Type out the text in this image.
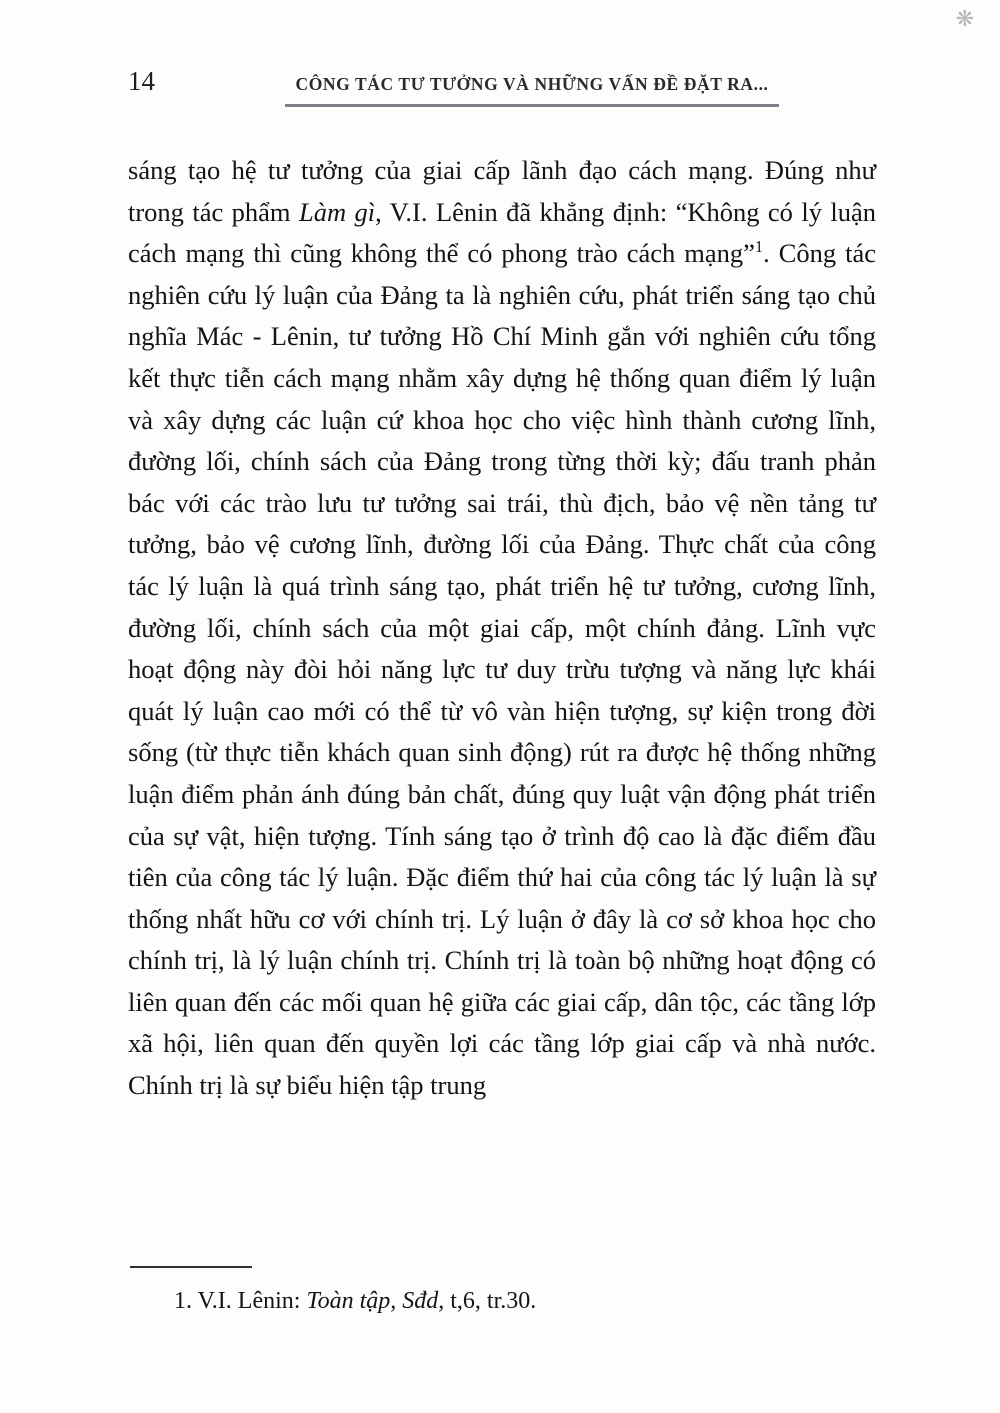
❋
14	CÔNG TÁC TƯ TƯỞNG VÀ NHỮNG VẤN ĐỀ ĐẶT RA...
sáng tạo hệ tư tưởng của giai cấp lãnh đạo cách mạng. Đúng như trong tác phẩm Làm gì, V.I. Lênin đã khẳng định: “Không có lý luận cách mạng thì cũng không thể có phong trào cách mạng”$^1$. Công tác nghiên cứu lý luận của Đảng ta là nghiên cứu, phát triển sáng tạo chủ nghĩa Mác - Lênin, tư tưởng Hồ Chí Minh gắn với nghiên cứu tổng kết thực tiễn cách mạng nhằm xây dựng hệ thống quan điểm lý luận và xây dựng các luận cứ khoa học cho việc hình thành cương lĩnh, đường lối, chính sách của Đảng trong từng thời kỳ; đấu tranh phản bác với các trào lưu tư tưởng sai trái, thù địch, bảo vệ nền tảng tư tưởng, bảo vệ cương lĩnh, đường lối của Đảng. Thực chất của công tác lý luận là quá trình sáng tạo, phát triển hệ tư tưởng, cương lĩnh, đường lối, chính sách của một giai cấp, một chính đảng. Lĩnh vực hoạt động này đòi hỏi năng lực tư duy trừu tượng và năng lực khái quát lý luận cao mới có thể từ vô vàn hiện tượng, sự kiện trong đời sống (từ thực tiễn khách quan sinh động) rút ra được hệ thống những luận điểm phản ánh đúng bản chất, đúng quy luật vận động phát triển của sự vật, hiện tượng. Tính sáng tạo ở trình độ cao là đặc điểm đầu tiên của công tác lý luận. Đặc điểm thứ hai của công tác lý luận là sự thống nhất hữu cơ với chính trị. Lý luận ở đây là cơ sở khoa học cho chính trị, là lý luận chính trị. Chính trị là toàn bộ những hoạt động có liên quan đến các mối quan hệ giữa các giai cấp, dân tộc, các tầng lớp xã hội, liên quan đến quyền lợi các tầng lớp giai cấp và nhà nước. Chính trị là sự biểu hiện tập trung
1. V.I. Lênin: Toàn tập, Sđd, t,6, tr.30.
